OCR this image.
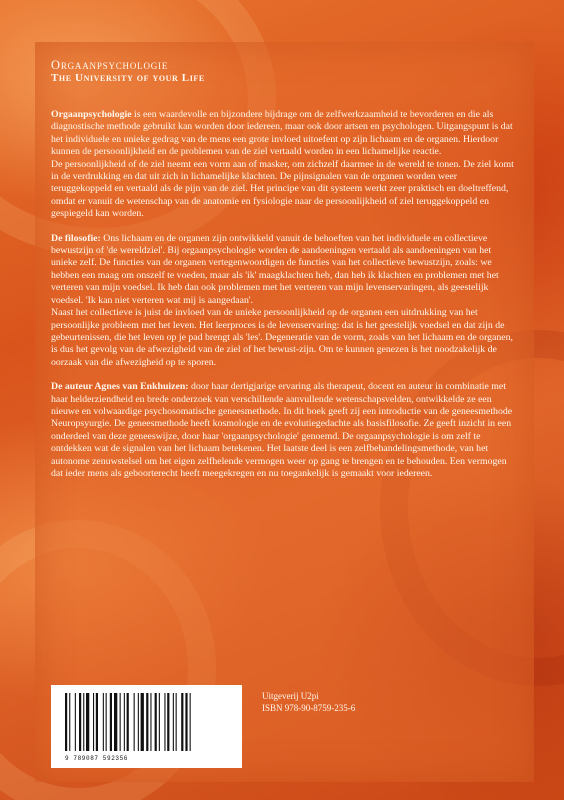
Orgaanpsychologie
The University of your Life

Orgaanpsychologie is een waardevolle en bijzondere bijdrage om de zelfwerkzaamheid te bevorderen en die als diagnostische methode gebruikt kan worden door iedereen, maar ook door artsen en psychologen. Uitgangspunt is dat het individuele en unieke gedrag van de mens een grote invloed uitoefent op zijn lichaam en de organen. Hierdoor kunnen de persoonlijkheid en de problemen van de ziel vertaald worden in een lichamelijke reactie.

De persoonlijkheid of de ziel neemt een vorm aan of masker, om zichzelf daarmee in de wereld te tonen. De ziel komt in de verdrukking en dat uit zich in lichamelijke klachten. De pijnsignalen van de organen worden weer teruggekoppeld en vertaald als de pijn van de ziel. Het principe van dit systeem werkt zeer praktisch en doeltreffend, omdat er vanuit de wetenschap van de anatomie en fysiologie naar de persoonlijkheid of ziel teruggekoppeld en gespiegeld kan worden.

De filosofie: Ons lichaam en de organen zijn ontwikkeld vanuit de behoeften van het individuele en collectieve bewustzijn of 'de wereldziel'. Bij orgaanpsychologie worden de aandoeningen vertaald als aandoeningen van het unieke zelf. De functies van de organen vertegenwoordigen de functies van het collectieve bewustzijn, zoals: we hebben een maag om onszelf te voeden, maar als 'ik' maagklachten heb, dan heb ik klachten en problemen met het verteren van mijn voedsel. Ik heb dan ook problemen met het verteren van mijn levenservaringen, als geestelijk voedsel. 'Ik kan niet verteren wat mij is aangedaan'.

Naast het collectieve is juist de invloed van de unieke persoonlijkheid op de organen een uitdrukking van het persoonlijke probleem met het leven. Het leerproces is de levenservaring: dat is het geestelijk voedsel en dat zijn de gebeurtenissen, die het leven op je pad brengt als 'les'. Degeneratie van de vorm, zoals van het lichaam en de organen, is dus het gevolg van de afwezigheid van de ziel of het bewust-zijn. Om te kunnen genezen is het noodzakelijk de oorzaak van die afwezigheid op te sporen.

De auteur Agnes van Enkhuizen: door haar dertigjarige ervaring als therapeut, docent en auteur in combinatie met haar helderziendheid en brede onderzoek van verschillende aanvullende wetenschapsvelden, ontwikkelde ze een nieuwe en volwaardige psychosomatische geneesmethode. In dit boek geeft zij een introductie van de geneesmethode Neuropsyurgie. De geneesmethode heeft kosmologie en de evolutiegedachte als basisfilosofie. Ze geeft inzicht in een onderdeel van deze geneeswijze, door haar 'orgaanpsychologie' genoemd. De orgaanpsychologie is om zelf te ontdekken wat de signalen van het lichaam betekenen. Het laatste deel is een zelfbehandelingsmethode, van het autonome zenuwstelsel om het eigen zelfhelende vermogen weer op gang te brengen en te behouden. Een vermogen dat ieder mens als geboorterecht heeft meegekregen en nu toegankelijk is gemaakt voor iedereen.

9 789087 592356
Uitgeverij U2pi
ISBN 978-90-8759-235-6
